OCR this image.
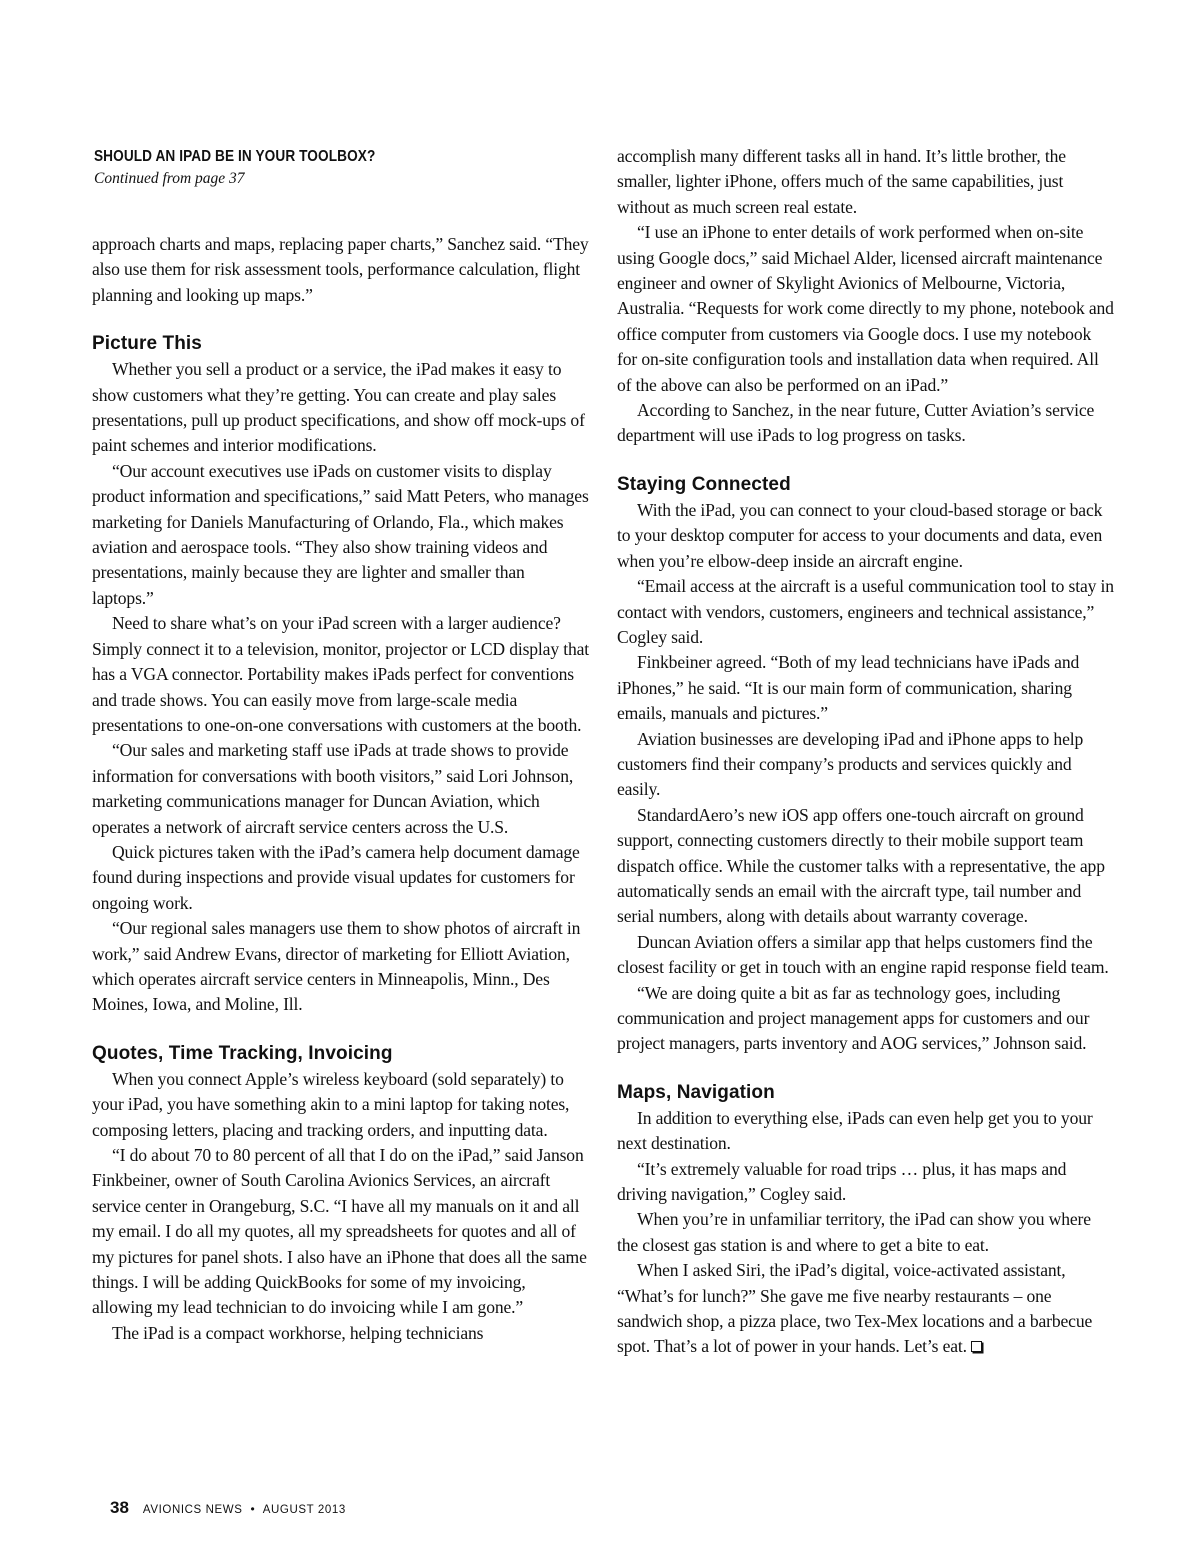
SHOULD AN IPAD BE IN YOUR TOOLBOX?
Continued from page 37

approach charts and maps, replacing paper charts,” Sanchez said. “They also use them for risk assessment tools, performance calculation, flight planning and looking up maps.”

Picture This

Whether you sell a product or a service, the iPad makes it easy to show customers what they’re getting. You can create and play sales presentations, pull up product specifications, and show off mock-ups of paint schemes and interior modifications.

“Our account executives use iPads on customer visits to display product information and specifications,” said Matt Peters, who manages marketing for Daniels Manufacturing of Orlando, Fla., which makes aviation and aerospace tools. “They also show training videos and presentations, mainly because they are lighter and smaller than laptops.”

Need to share what’s on your iPad screen with a larger audience? Simply connect it to a television, monitor, projector or LCD display that has a VGA connector. Portability makes iPads perfect for conventions and trade shows. You can easily move from large-scale media presentations to one-on-one conversations with customers at the booth.

“Our sales and marketing staff use iPads at trade shows to provide information for conversations with booth visitors,” said Lori Johnson, marketing communications manager for Duncan Aviation, which operates a network of aircraft service centers across the U.S.

Quick pictures taken with the iPad’s camera help document damage found during inspections and provide visual updates for customers for ongoing work.

“Our regional sales managers use them to show photos of aircraft in work,” said Andrew Evans, director of marketing for Elliott Aviation, which operates aircraft service centers in Minneapolis, Minn., Des Moines, Iowa, and Moline, Ill.

Quotes, Time Tracking, Invoicing

When you connect Apple’s wireless keyboard (sold separately) to your iPad, you have something akin to a mini laptop for taking notes, composing letters, placing and tracking orders, and inputting data.

“I do about 70 to 80 percent of all that I do on the iPad,” said Janson Finkbeiner, owner of South Carolina Avionics Services, an aircraft service center in Orangeburg, S.C. “I have all my manuals on it and all my email. I do all my quotes, all my spreadsheets for quotes and all of my pictures for panel shots. I also have an iPhone that does all the same things. I will be adding QuickBooks for some of my invoicing, allowing my lead technician to do invoicing while I am gone.”

The iPad is a compact workhorse, helping technicians

accomplish many different tasks all in hand. It’s little brother, the smaller, lighter iPhone, offers much of the same capabilities, just without as much screen real estate.

“I use an iPhone to enter details of work performed when on-site using Google docs,” said Michael Alder, licensed aircraft maintenance engineer and owner of Skylight Avionics of Melbourne, Victoria, Australia. “Requests for work come directly to my phone, notebook and office computer from customers via Google docs. I use my notebook for on-site configuration tools and installation data when required. All of the above can also be performed on an iPad.”

According to Sanchez, in the near future, Cutter Aviation’s service department will use iPads to log progress on tasks.

Staying Connected

With the iPad, you can connect to your cloud-based storage or back to your desktop computer for access to your documents and data, even when you’re elbow-deep inside an aircraft engine.

“Email access at the aircraft is a useful communication tool to stay in contact with vendors, customers, engineers and technical assistance,” Cogley said.

Finkbeiner agreed. “Both of my lead technicians have iPads and iPhones,” he said. “It is our main form of communication, sharing emails, manuals and pictures.”

Aviation businesses are developing iPad and iPhone apps to help customers find their company’s products and services quickly and easily.

StandardAero’s new iOS app offers one-touch aircraft on ground support, connecting customers directly to their mobile support team dispatch office. While the customer talks with a representative, the app automatically sends an email with the aircraft type, tail number and serial numbers, along with details about warranty coverage.

Duncan Aviation offers a similar app that helps customers find the closest facility or get in touch with an engine rapid response field team.

“We are doing quite a bit as far as technology goes, including communication and project management apps for customers and our project managers, parts inventory and AOG services,” Johnson said.

Maps, Navigation

In addition to everything else, iPads can even help get you to your next destination.

“It’s extremely valuable for road trips … plus, it has maps and driving navigation,” Cogley said.

When you’re in unfamiliar territory, the iPad can show you where the closest gas station is and where to get a bite to eat.

When I asked Siri, the iPad’s digital, voice-activated assistant, “What’s for lunch?” She gave me five nearby restaurants – one sandwich shop, a pizza place, two Tex-Mex locations and a barbecue spot. That’s a lot of power in your hands. Let’s eat.

38 AVIONICS NEWS • AUGUST 2013
